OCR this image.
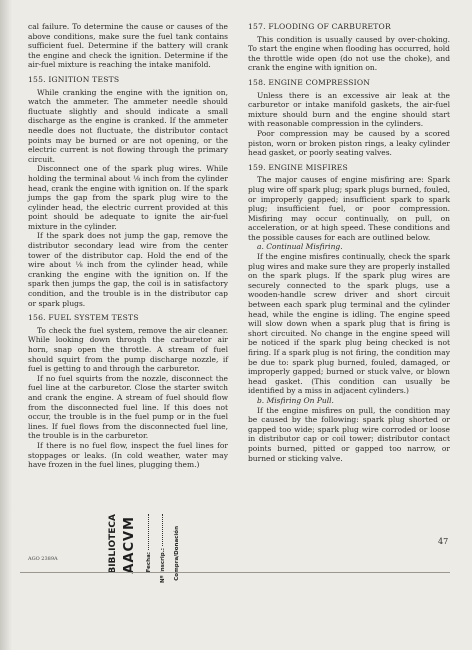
cal failure. To determine the cause or causes of the above conditions, make sure the fuel tank contains sufficient fuel. Determine if the battery will crank the engine and check the ignition. Determine if the air-fuel mixture is reaching the intake manifold.

155. IGNITION TESTS

While cranking the engine with the ignition on, watch the ammeter. The ammeter needle should fluctuate slightly and should indicate a small discharge as the engine is cranked. If the ammeter needle does not fluctuate, the distributor contact points may be burned or are not opening, or the electric current is not flowing through the primary circuit.

Disconnect one of the spark plug wires. While holding the terminal about ⅛ inch from the cylinder head, crank the engine with ignition on. If the spark jumps the gap from the spark plug wire to the cylinder head, the electric current provided at this point should be adequate to ignite the air-fuel mixture in the cylinder.

If the spark does not jump the gap, remove the distributor secondary lead wire from the center tower of the distributor cap. Hold the end of the wire about ⅛ inch from the cylinder head, while cranking the engine with the ignition on. If the spark then jumps the gap, the coil is in satisfactory condition, and the trouble is in the distributor cap or spark plugs.

156. FUEL SYSTEM TESTS

To check the fuel system, remove the air cleaner. While looking down through the carburetor air horn, snap open the throttle. A stream of fuel should squirt from the pump discharge nozzle, if fuel is getting to and through the carburetor.

If no fuel squirts from the nozzle, disconnect the fuel line at the carburetor. Close the starter switch and crank the engine. A stream of fuel should flow from the disconnected fuel line. If this does not occur, the trouble is in the fuel pump or in the fuel lines. If fuel flows from the disconnected fuel line, the trouble is in the carburetor.

If there is no fuel flow, inspect the fuel lines for stoppages or leaks. (In cold weather, water may have frozen in the fuel lines, plugging them.)

157. FLOODING OF CARBURETOR

This condition is usually caused by over-choking. To start the engine when flooding has occurred, hold the throttle wide open (do not use the choke), and crank the engine with ignition on.

158. ENGINE COMPRESSION

Unless there is an excessive air leak at the carburetor or intake manifold gaskets, the air-fuel mixture should burn and the engine should start with reasonable compression in the cylinders.

Poor compression may be caused by a scored piston, worn or broken piston rings, a leaky cylinder head gasket, or poorly seating valves.

159. ENGINE MISFIRES

The major causes of engine misfiring are: Spark plug wire off spark plug; spark plugs burned, fouled, or improperly gapped; insufficient spark to spark plug; insufficient fuel, or poor compression. Misfiring may occur continually, on pull, on acceleration, or at high speed. These conditions and the possible causes for each are outlined below.

a. Continual Misfiring.

If the engine misfires continually, check the spark plug wires and make sure they are properly installed on the spark plugs. If the spark plug wires are securely connected to the spark plugs, use a wooden-handle screw driver and short circuit between each spark plug terminal and the cylinder head, while the engine is idling. The engine speed will slow down when a spark plug that is firing is short circuited. No change in the engine speed will be noticed if the spark plug being checked is not firing. If a spark plug is not firing, the condition may be due to: spark plug burned, fouled, damaged, or improperly gapped; burned or stuck valve, or blown head gasket. (This condition can usually be identified by a miss in adjacent cylinders.)

b. Misfiring On Pull.

If the engine misfires on pull, the condition may be caused by the following: spark plug shorted or gapped too wide; spark plug wire corroded or loose in distributor cap or coil tower; distributor contact points burned, pitted or gapped too narrow, or burned or sticking valve.

BIBLIOTECA AACVM Fecha: Nº Inscrip.: Compra/Donación
AGO 2389A
47
